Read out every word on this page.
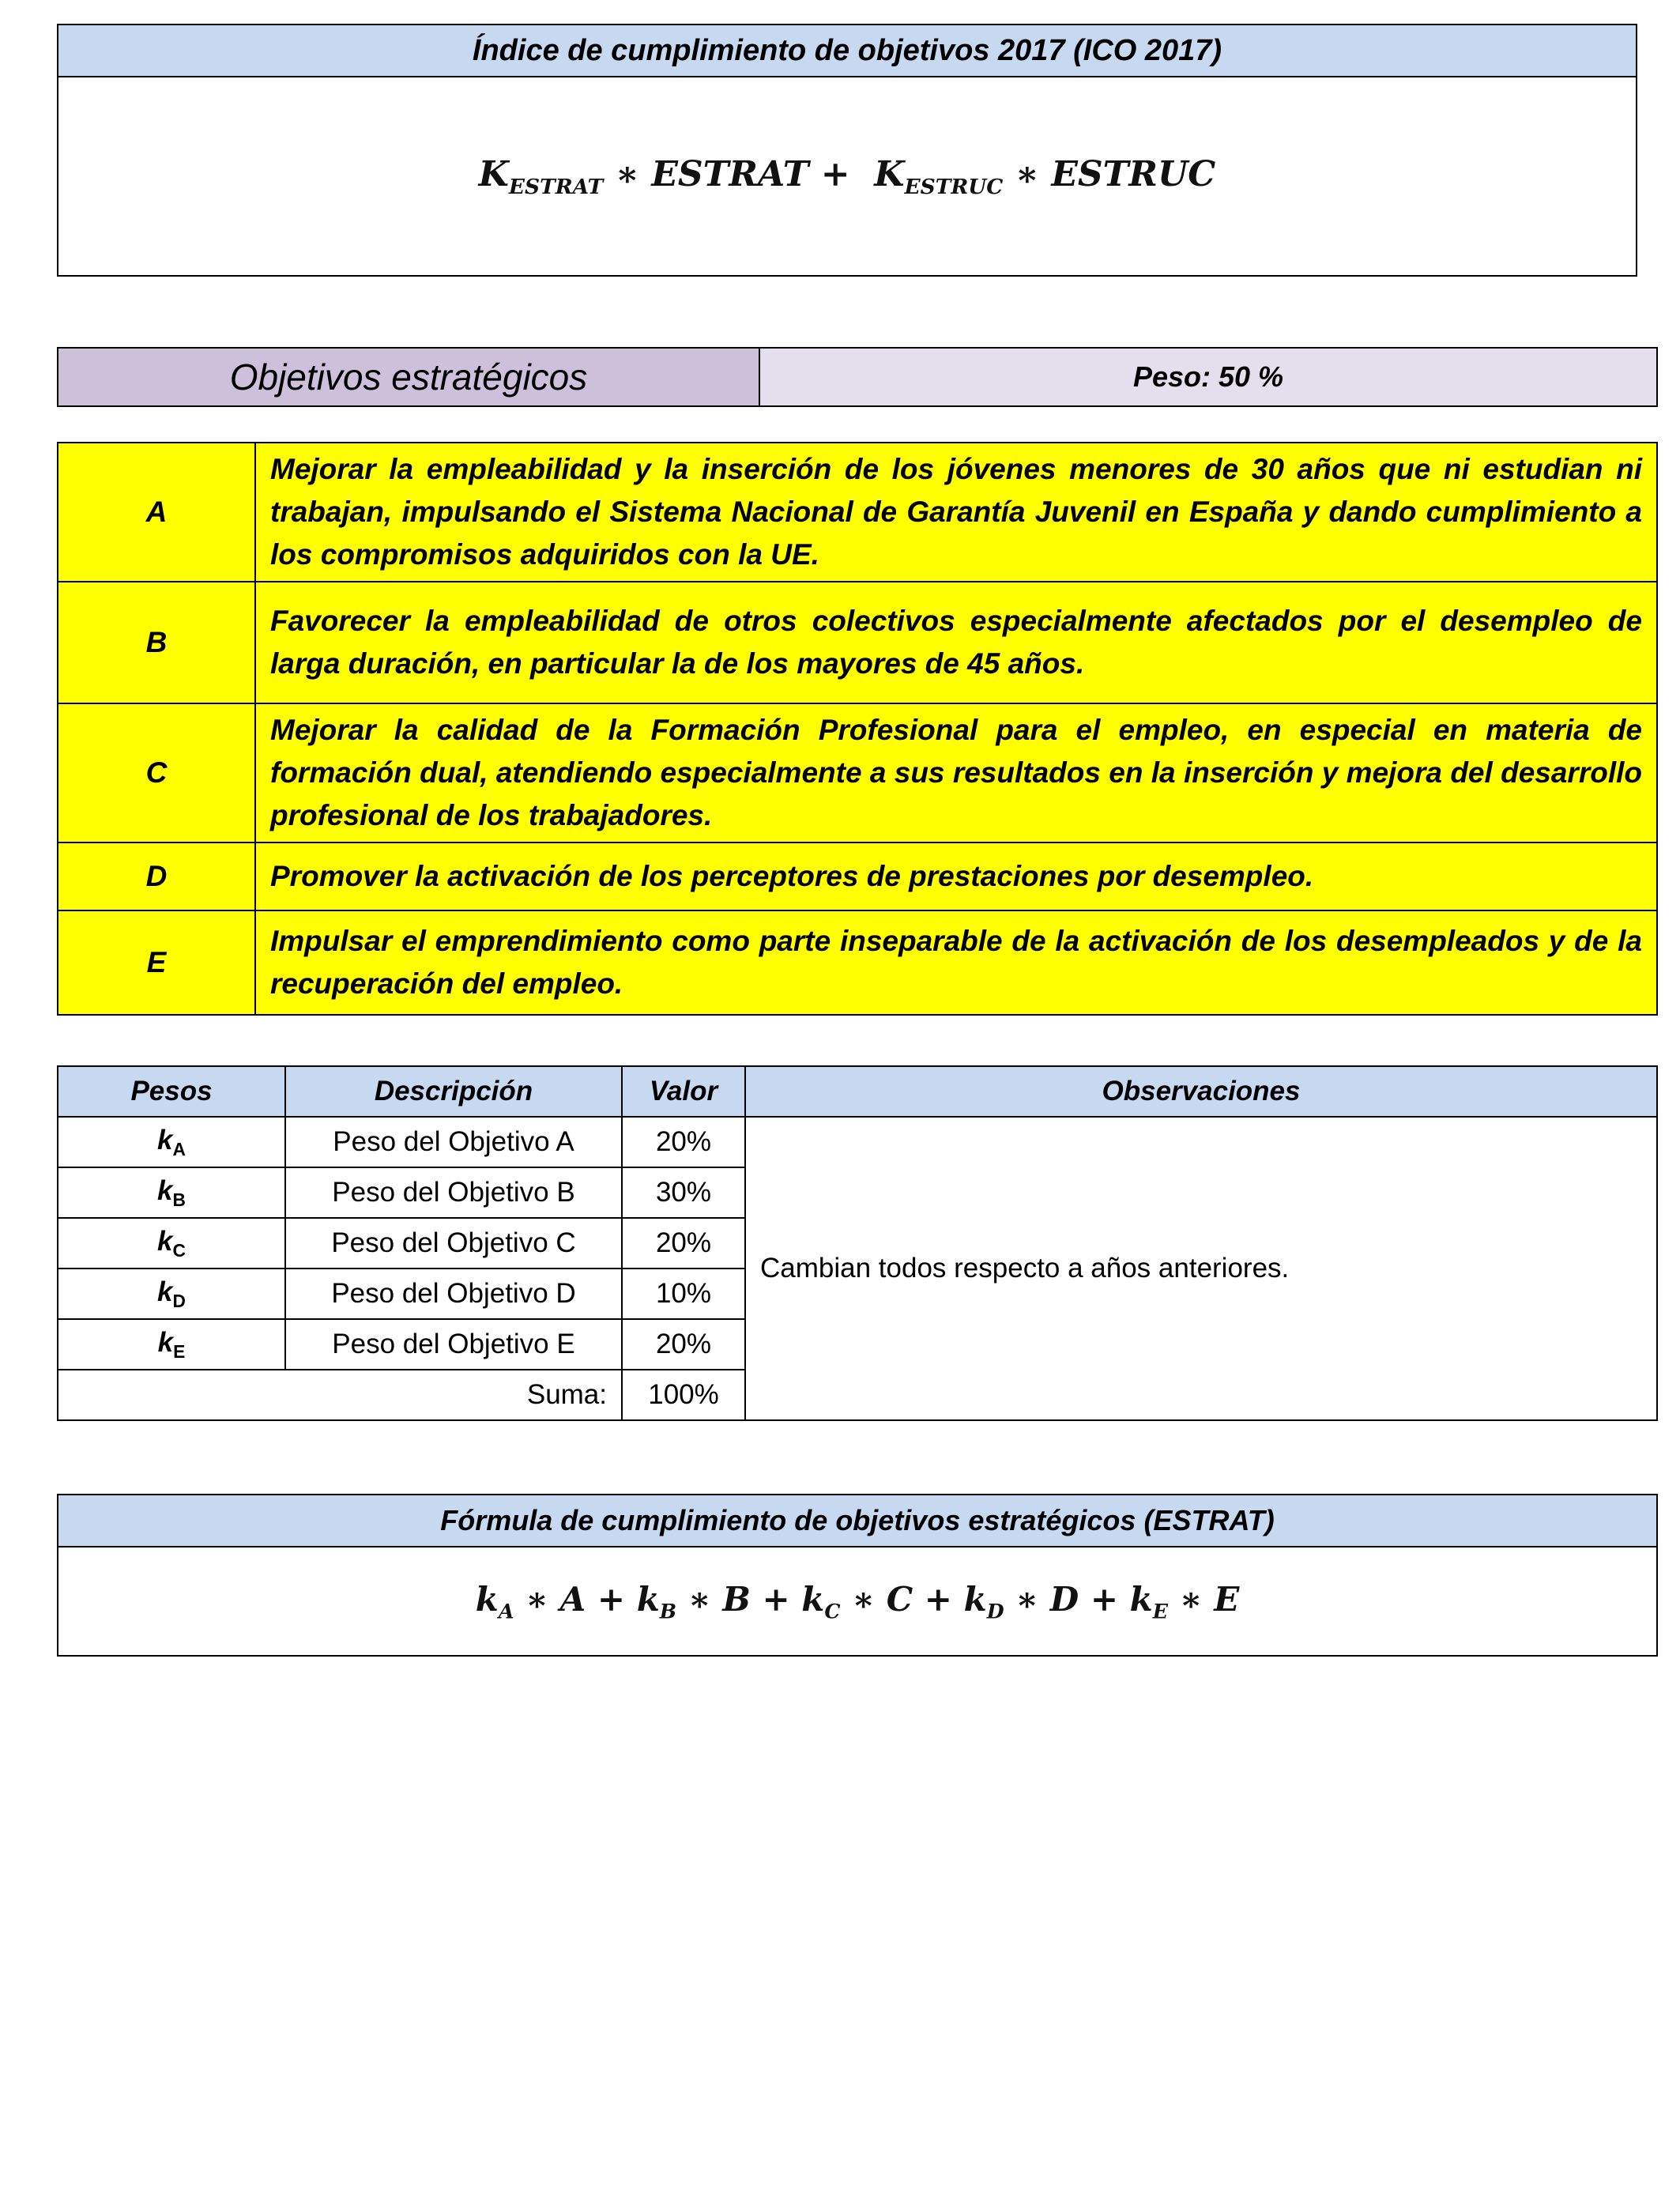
Índice de cumplimiento de objetivos 2017 (ICO 2017)
$K_{ESTRAT}$ ∗ ESTRAT +  $K_{ESTRUC}$ ∗ ESTRUC
Objetivos estratégicos	Peso: 50 %
A	Mejorar la empleabilidad y la inserción de los jóvenes menores de 30 años que ni estudian ni trabajan, impulsando el Sistema Nacional de Garantía Juvenil en España y dando cumplimiento a los compromisos adquiridos con la UE.
B	Favorecer la empleabilidad de otros colectivos especialmente afectados por el desempleo de larga duración, en particular la de los mayores de 45 años.
C	Mejorar la calidad de la Formación Profesional para el empleo, en especial en materia de formación dual, atendiendo especialmente a sus resultados en la inserción y mejora del desarrollo profesional de los trabajadores.
D	Promover la activación de los perceptores de prestaciones por desempleo.
E	Impulsar el emprendimiento como parte inseparable de la activación de los desempleados y de la recuperación del empleo.
Pesos	Descripción	Valor	Observaciones
$k_A$	Peso del Objetivo A	20%	Cambian todos respecto a años anteriores.
$k_B$	Peso del Objetivo B	30%	
$k_C$	Peso del Objetivo C	20%	
$k_D$	Peso del Objetivo D	10%	
$k_E$	Peso del Objetivo E	20%	
Suma:		100%	
Fórmula de cumplimiento de objetivos estratégicos (ESTRAT)
$k_A$ ∗ $A + k_B$ ∗ $B + k_C$ ∗ $C + k_D$ ∗ $D + k_E$ ∗ E
